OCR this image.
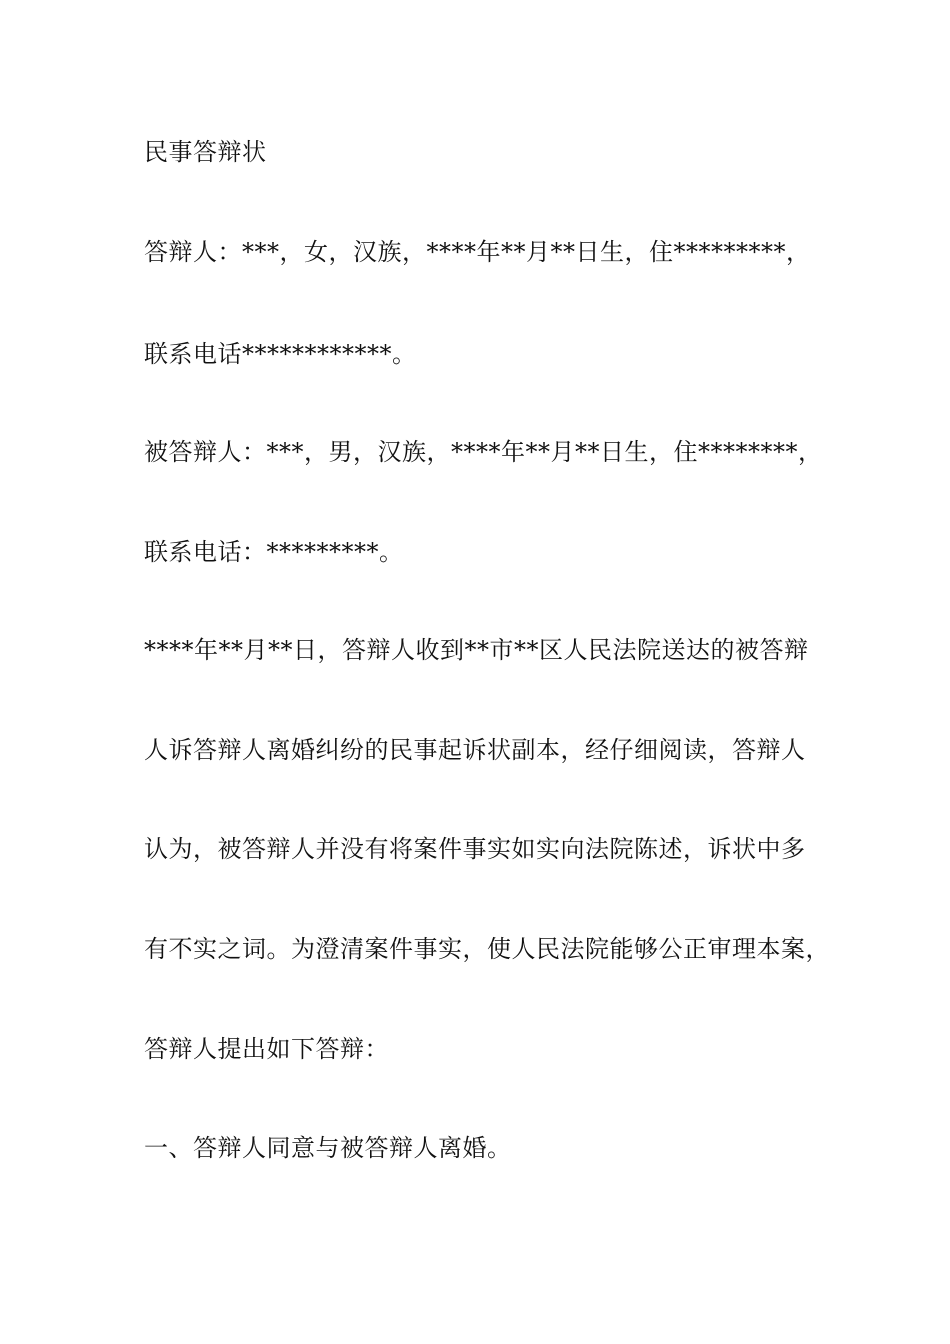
民事答辩状
答辩人：***，女，汉族，****年**月**日生，住*********，
联系电话************。
被答辩人：***，男，汉族，****年**月**日生，住********，
联系电话：*********。
****年**月**日，答辩人收到**市**区人民法院送达的被答辩
人诉答辩人离婚纠纷的民事起诉状副本，经仔细阅读，答辩人
认为，被答辩人并没有将案件事实如实向法院陈述，诉状中多
有不实之词。为澄清案件事实，使人民法院能够公正审理本案，
答辩人提出如下答辩：
一、答辩人同意与被答辩人离婚。
